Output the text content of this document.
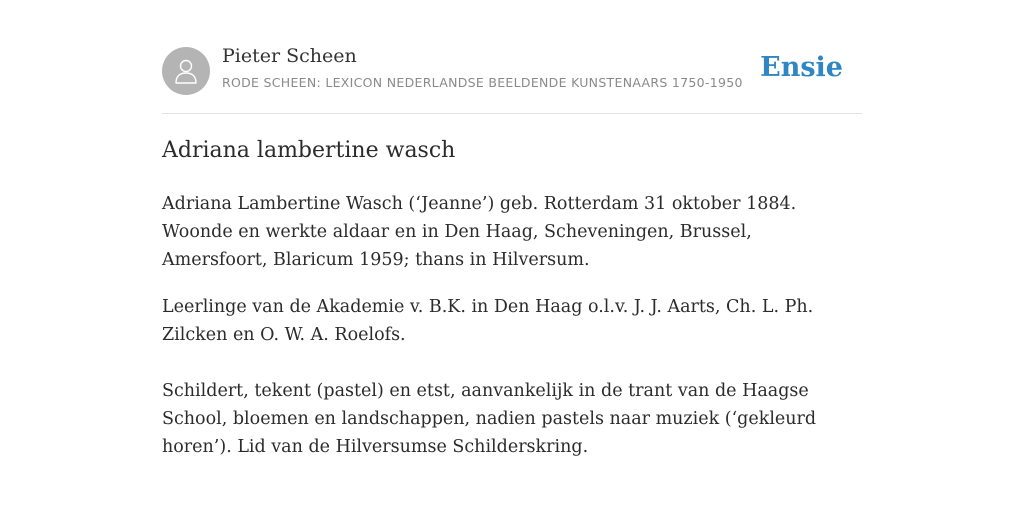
Pieter Scheen
RODE SCHEEN: LEXICON NEDERLANDSE BEELDENDE KUNSTENAARS 1750-1950 Ensie
Adriana lambertine wasch

Adriana Lambertine Wasch (‘Jeanne’) geb. Rotterdam 31 oktober 1884. Woonde en werkte aldaar en in Den Haag, Scheveningen, Brussel, Amersfoort, Blaricum 1959; thans in Hilversum.

Leerlinge van de Akademie v. B.K. in Den Haag o.l.v. J. J. Aarts, Ch. L. Ph. Zilcken en O. W. A. Roelofs.

Schildert, tekent (pastel) en etst, aanvankelijk in de trant van de Haagse School, bloemen en landschappen, nadien pastels naar muziek (‘gekleurd horen’). Lid van de Hilversumse Schilderskring.
